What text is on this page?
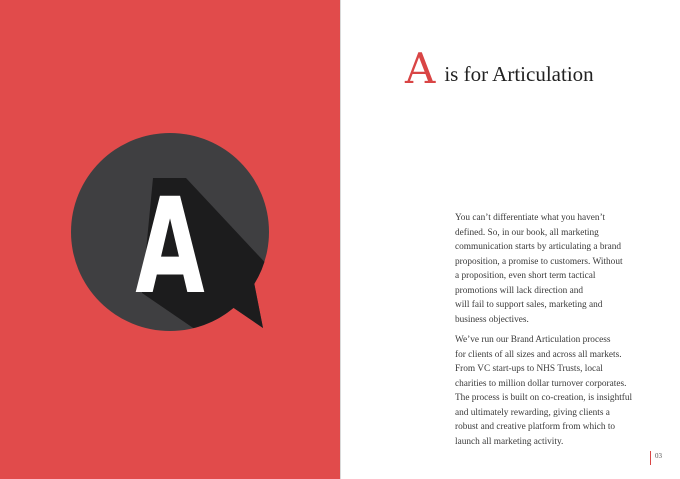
A
A is for Articulation
You can’t differentiate what you haven’t
defined. So, in our book, all marketing
communication starts by articulating a brand
proposition, a promise to customers. Without
a proposition, even short term tactical
promotions will lack direction and
will fail to support sales, marketing and
business objectives.
We’ve run our Brand Articulation process
for clients of all sizes and across all markets.
From VC start-ups to NHS Trusts, local
charities to million dollar turnover corporates.
The process is built on co-creation, is insightful
and ultimately rewarding, giving clients a
robust and creative platform from which to
launch all marketing activity.
03
